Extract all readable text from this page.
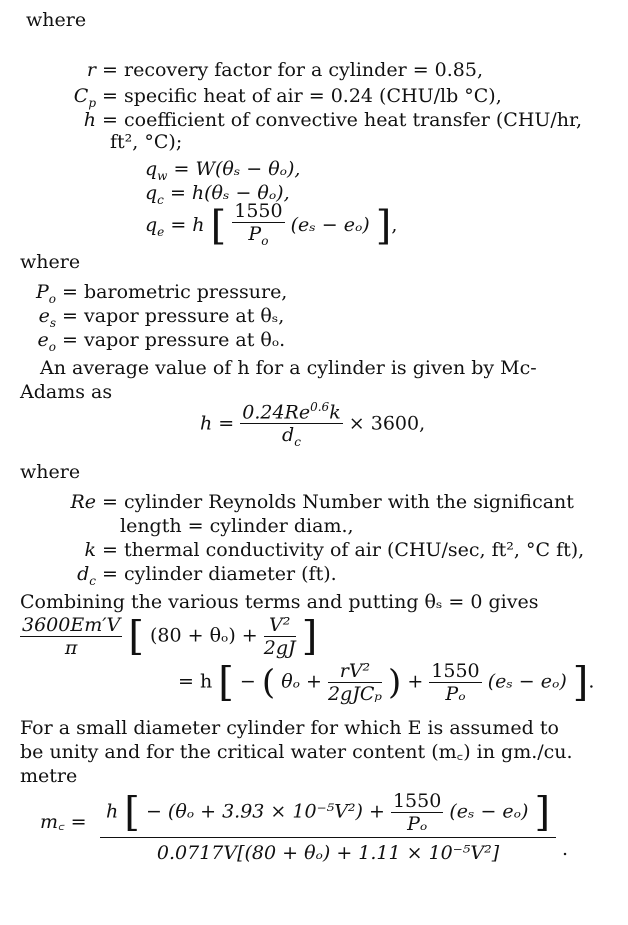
where
r = recovery factor for a cylinder = 0.85,
$C_p$ = specific heat of air = 0.24 (CHU/lb °C),
h = coefficient of convective heat transfer (CHU/hr,
ft², °C);
$q_w = W(\theta_s - \theta_o)$,
$q_c = h(\theta_s - \theta_o)$,
$q_e = h$ [ $\frac{1550}{P_o} (e_s - e_o)$ ],
where
$P_o$ = barometric pressure,
$e_s$ = vapor pressure at θₛ,
$e_o$ = vapor pressure at θₒ.
An average value of h for a cylinder is given by Mc-
Adams as
$h = \frac{0.24Re^{0.6}k}{d_c} \times 3600$,
where
Re = cylinder Reynolds Number with the significant
length = cylinder diam.,
k = thermal conductivity of air (CHU/sec, ft², °C ft),
$d_c$ = cylinder diameter (ft).
Combining the various terms and putting θₛ = 0 gives
$\frac{3600Em'V}{\pi}$ [ $(80 + \theta_o) + \frac{\text{V²}}{2gJ}$ ]
= h [ − ( $\theta_o + \frac{\text{rV²}}{\text{2gJCₚ}}$ ) + $\frac{1550}{\text{Pₒ}} (e_s - e_o)$ ].
For a small diameter cylinder for which E is assumed to
be unity and for the critical water content (m꜀) in gm./cu.
metre
m꜀ =	h [ − $(\theta_o + 3.93 \times 10^{-5}V^2) + \frac{1550}{\text{Pₒ}} (e_s - e_o)$ ]
0.0717V[(80 + θₒ) + 1.11 × 10⁻⁵V²]	.
